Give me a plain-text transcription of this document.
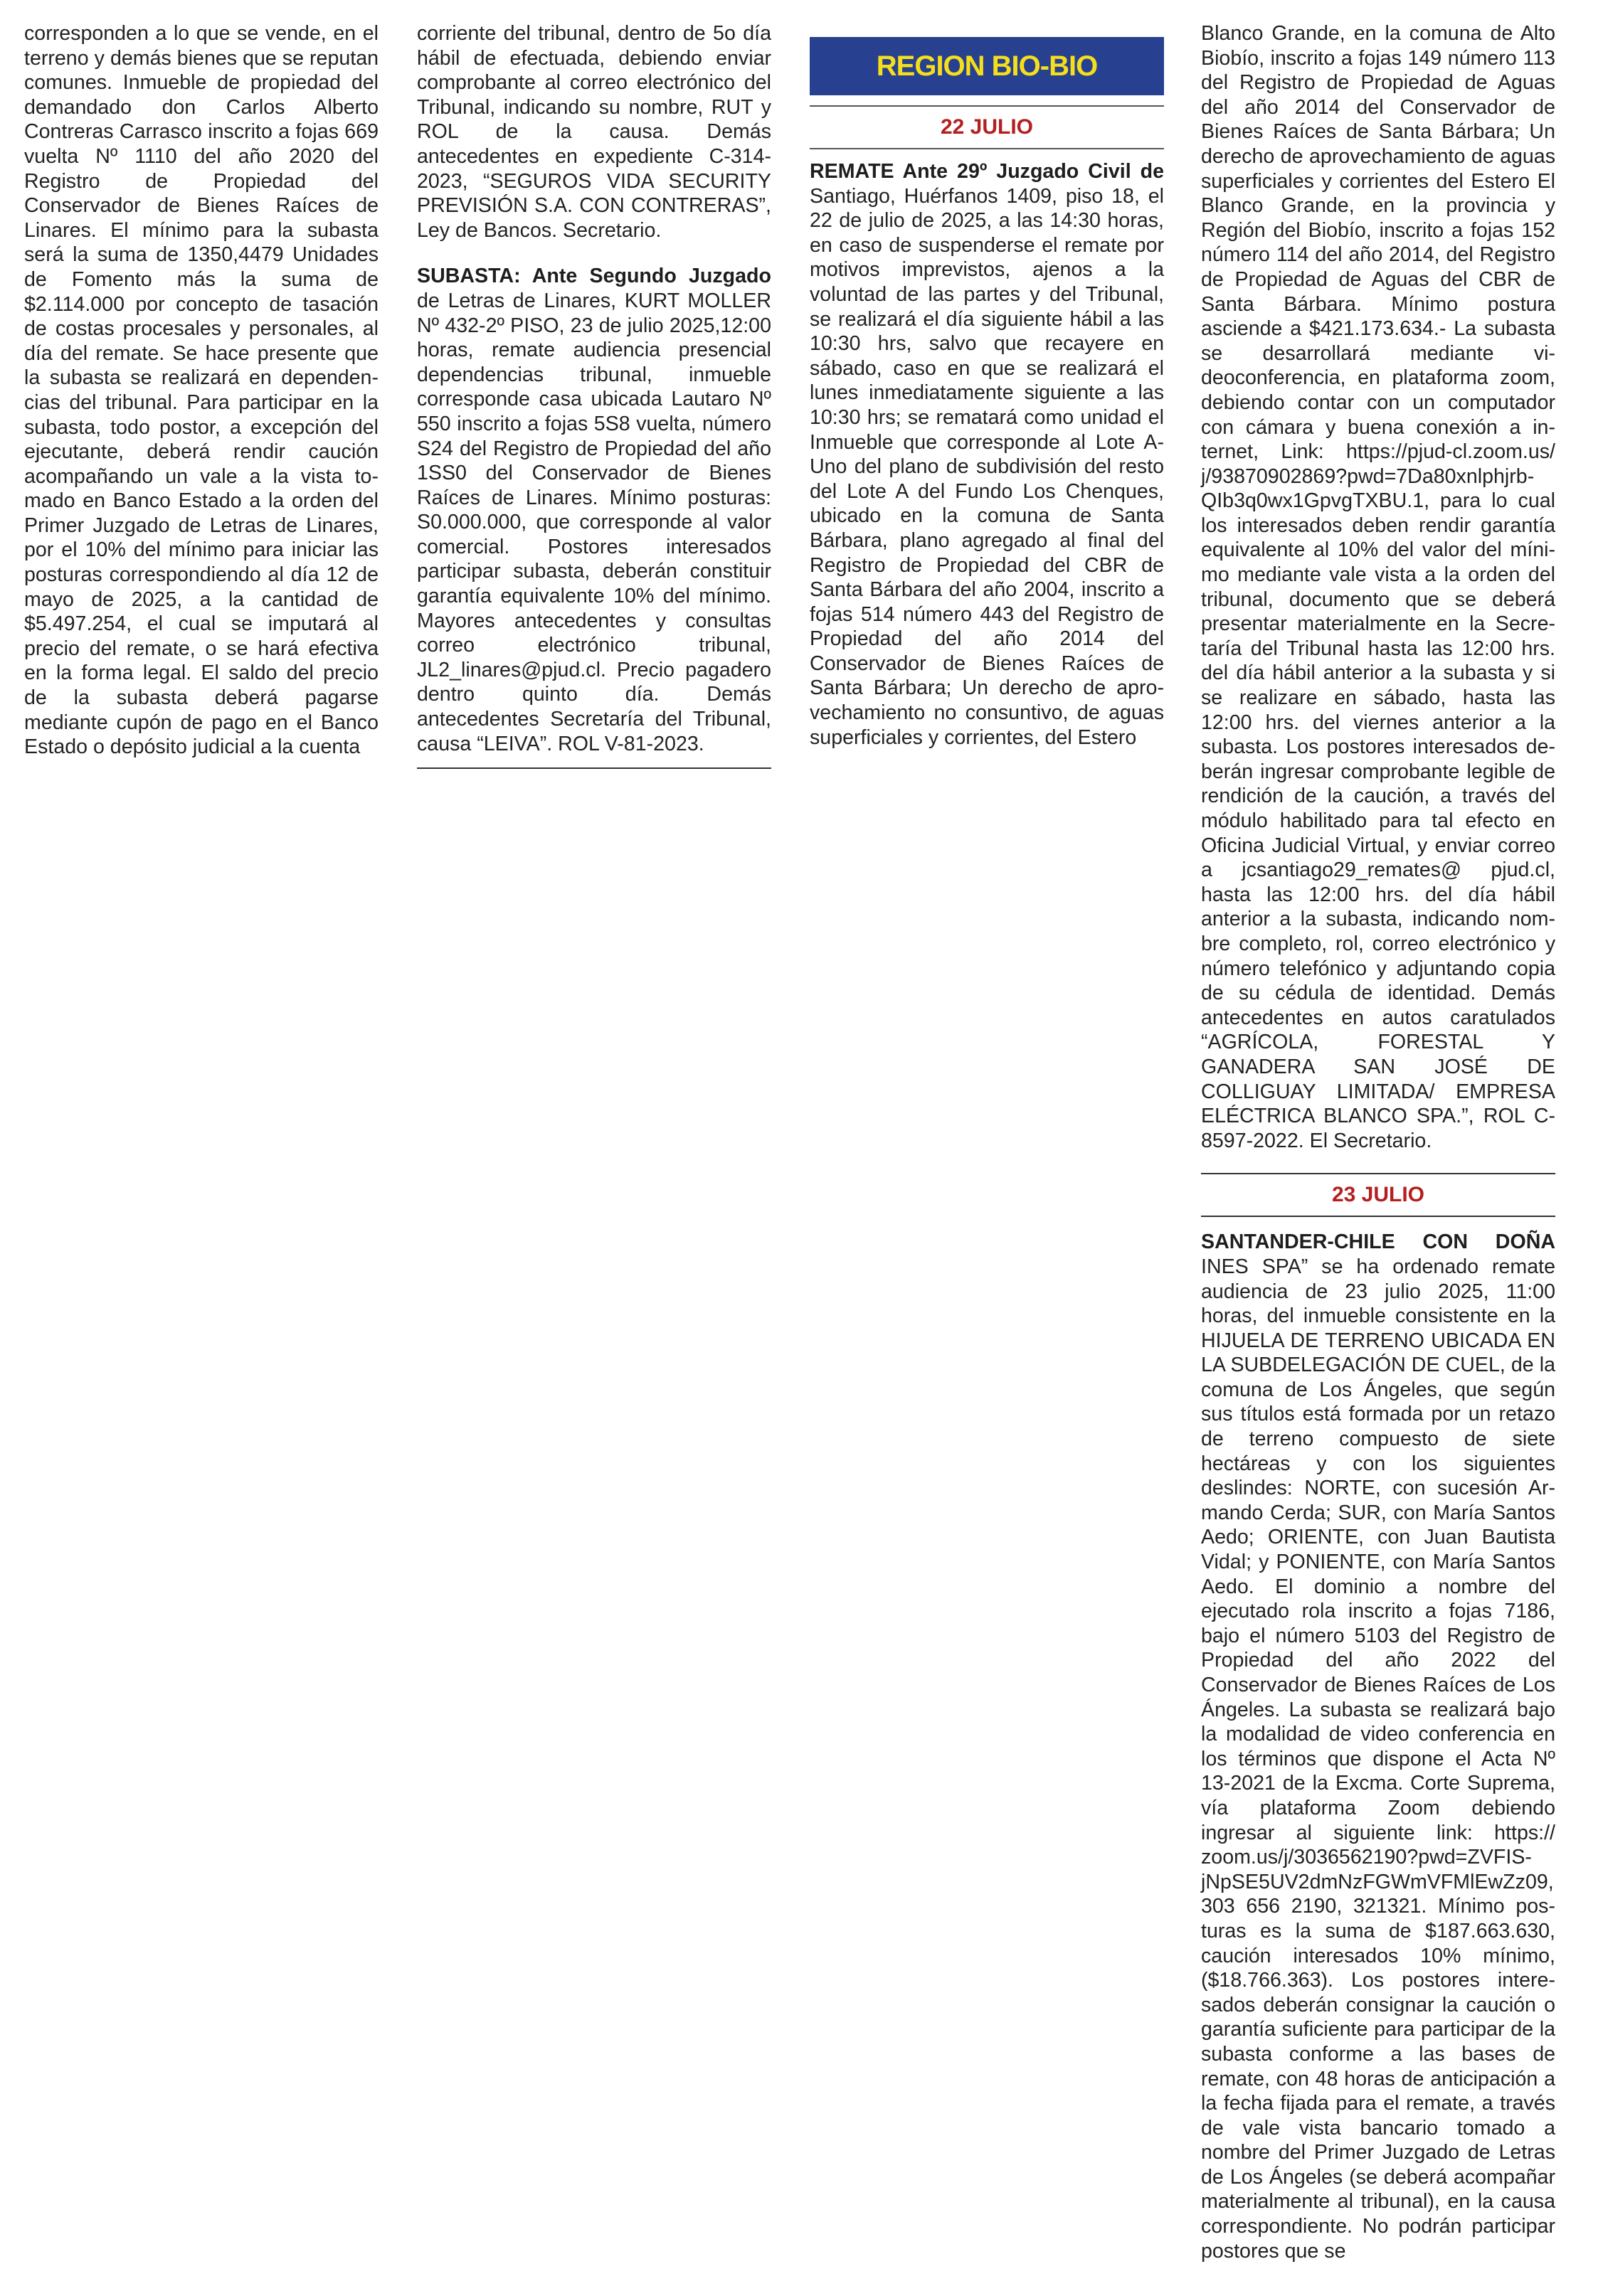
corresponden a lo que se vende, en el terreno y demás bienes que se reputan comunes. Inmueble de propiedad del demandado don Carlos Alberto Contreras Carrasco inscrito a fojas 669 vuelta Nº 1110 del año 2020 del Registro de Propiedad del Conservador de Bienes Raíces de Linares. El mínimo para la subasta será la suma de 1350,4479 Unidades de Fomento más la suma de $2.114.000 por concepto de tasación de costas procesales y personales, al día del remate. Se hace presente que la subasta se realizará en dependencias del tribunal. Para participar en la subasta, todo postor, a excepción del ejecutante, deberá rendir caución acompañando un vale a la vista tomado en Banco Estado a la orden del Primer Juzgado de Letras de Linares, por el 10% del mínimo para iniciar las posturas correspondiendo al día 12 de mayo de 2025, a la cantidad de $5.497.254, el cual se imputará al precio del remate, o se hará efectiva en la forma legal. El saldo del precio de la subasta deberá pagarse mediante cupón de pago en el Banco Estado o depósito judicial a la cuenta

corriente del tribunal, dentro de 5o día hábil de efectuada, debiendo enviar comprobante al correo electrónico del Tribunal, indicando su nombre, RUT y ROL de la causa. Demás antecedentes en expediente C-314-2023, “SEGUROS VIDA SECURITY PREVISIÓN S.A. CON CONTRERAS”, Ley de Bancos. Secretario.

SUBASTA: Ante Segundo Juzgado de Letras de Linares, KURT MOLLER Nº 432-2º PISO, 23 de julio 2025,12:00 horas, remate audiencia presencial dependencias tribunal, inmueble corresponde casa ubicada Lautaro Nº 550 inscrito a fojas 5S8 vuelta, número S24 del Registro de Propiedad del año 1SS0 del Conservador de Bienes Raíces de Linares. Mínimo posturas: S0.000.000, que corresponde al valor comercial. Postores interesados participar subasta, deberán constituir garantía equivalente 10% del mínimo. Mayores antecedentes y consultas correo electrónico tribunal, JL2_linares@pjud.cl. Precio pagadero dentro quinto día. Demás antecedentes Secretaría del Tribunal, causa “LEIVA”. ROL V-81-2023.

REGION BIO-BIO
22 JULIO

REMATE Ante 29º Juzgado Civil de Santiago, Huérfanos 1409, piso 18, el 22 de julio de 2025, a las 14:30 horas, en caso de suspenderse el remate por motivos imprevistos, ajenos a la voluntad de las partes y del Tribunal, se realizará el día siguiente hábil a las 10:30 hrs, salvo que recayere en sábado, caso en que se realizará el lunes inmediatamente siguiente a las 10:30 hrs; se rematará como unidad el Inmueble que corresponde al Lote A-Uno del plano de subdivisión del resto del Lote A del Fundo Los Chenques, ubicado en la comuna de Santa Bárbara, plano agregado al final del Registro de Propiedad del CBR de Santa Bárbara del año 2004, inscrito a fojas 514 número 443 del Registro de Propiedad del año 2014 del Conservador de Bienes Raíces de Santa Bárbara; Un derecho de aprovechamiento no consuntivo, de aguas superficiales y corrientes, del Estero

Blanco Grande, en la comuna de Alto Biobío, inscrito a fojas 149 número 113 del Registro de Propiedad de Aguas del año 2014 del Conservador de Bienes Raíces de Santa Bárbara; Un derecho de aprovechamiento de aguas superficiales y corrientes del Estero El Blanco Grande, en la provincia y Región del Biobío, inscrito a fojas 152 número 114 del año 2014, del Registro de Propiedad de Aguas del CBR de Santa Bárbara. Mínimo postura asciende a $421.173.634.- La subasta se desarrollará mediante videoconferencia, en plataforma zoom, debiendo contar con un computador con cámara y buena conexión a internet, Link: https://pjud-cl.zoom.us/​j/93870902869?pwd=7Da80xnlphjrbQIb3q0wx1GpvgTXBU.1, para lo cual los interesados deben rendir garantía equivalente al 10% del valor del mínimo mediante vale vista a la orden del tribunal, documento que se deberá presentar materialmente en la Secretaría del Tribunal hasta las 12:00 hrs. del día hábil anterior a la subasta y si se realizare en sábado, hasta las 12:00 hrs. del viernes anterior a la subasta. Los postores interesados deberán ingresar comprobante legible de rendición de la caución, a través del módulo habilitado para tal efecto en Oficina Judicial Virtual, y enviar correo a jcsantiago29_remates@ pjud.​cl, hasta las 12:00 hrs. del día hábil anterior a la subasta, indicando nombre completo, rol, correo electrónico y número telefónico y adjuntando copia de su cédula de identidad. Demás antecedentes en autos caratulados “AGRÍCOLA, FORESTAL Y GANADERA SAN JOSÉ DE COLLIGUAY LIMITADA/ EMPRESA ELÉCTRICA BLANCO SPA.”, ROL C-8597-2022. El Secretario.

23 JULIO

SANTANDER-CHILE CON DOÑA INES SPA” se ha ordenado remate audiencia de 23 julio 2025, 11:00 horas, del inmueble consistente en la HIJUELA DE TERRENO UBICADA EN LA SUBDELEGACIÓN DE CUEL, de la comuna de Los Ángeles, que según sus títulos está formada por un retazo de terreno compuesto de siete hectáreas y con los siguientes deslindes: NORTE, con sucesión Armando Cerda; SUR, con María Santos Aedo; ORIENTE, con Juan Bautista Vidal; y PONIENTE, con María Santos Aedo. El dominio a nombre del ejecutado rola inscrito a fojas 7186, bajo el número 5103 del Registro de Propiedad del año 2022 del Conservador de Bienes Raíces de Los Ángeles. La subasta se realizará bajo la modalidad de video conferencia en los términos que dispone el Acta Nº 13-2021 de la Excma. Corte Suprema, vía plataforma Zoom debiendo ingresar al siguiente link: https://​zoom.us/j/3036562190?pwd=ZVFISjNpSE5UV2dmNzFGWmVFMlEwZz09, 303 656 2190, 321321. Mínimo posturas es la suma de $187.663.630, caución interesados 10% mínimo, ($18.766.363). Los postores interesados deberán consignar la caución o garantía suficiente para participar de la subasta conforme a las bases de remate, con 48 horas de anticipación a la fecha fijada para el remate, a través de vale vista bancario tomado a nombre del Primer Juzgado de Letras de Los Ángeles (se deberá acompañar materialmente al tribunal), en la causa correspondiente. No podrán participar postores que se
